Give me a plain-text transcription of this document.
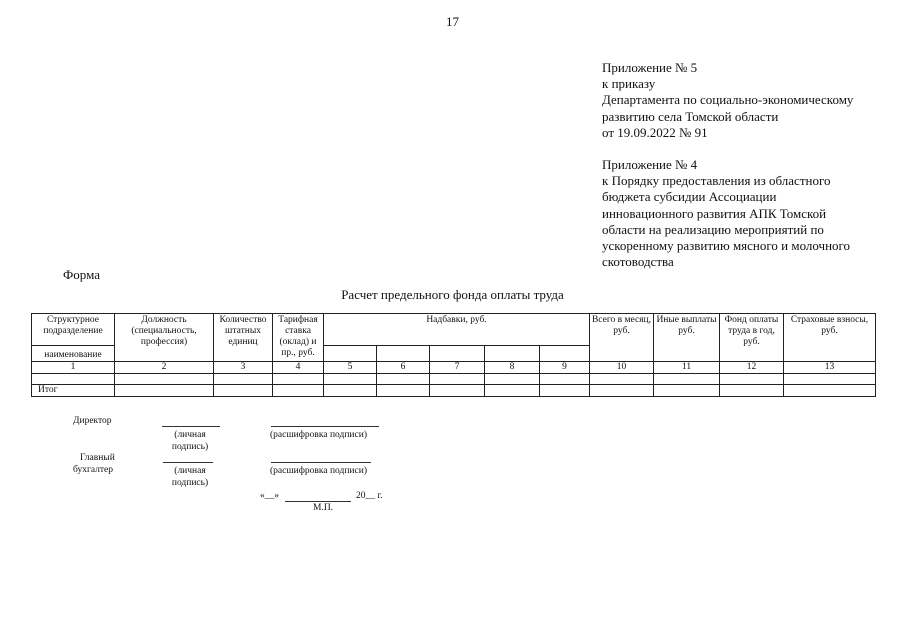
17
Приложение № 5
к приказу
Департамента по социально-экономическому
развитию села Томской области
от 19.09.2022 № 91
Приложение № 4
к Порядку предоставления из областного
бюджета субсидии Ассоциации
инновационного развития АПК Томской
области на реализацию мероприятий по
ускоренному развитию мясного и молочного
скотоводства
Форма
Расчет предельного фонда оплаты труда
Структурное подразделение	Должность (специальность, профессия)	Количество штатных единиц	Тарифная ставка (оклад) и пр., руб.	Надбавки, руб.					Всего в месяц, руб.	Иные выплаты руб.	Фонд оплаты труда в год, руб.	Страховые взносы, руб.
наименование												
1	2	3	4	5	6	7	8	9	10	11	12	13

Итог												
Директор
(личная подпись)
(расшифровка подписи)
Главный
бухгалтер	(личная подпись)
(расшифровка подписи)
«__»	20__ г.
М.П.
